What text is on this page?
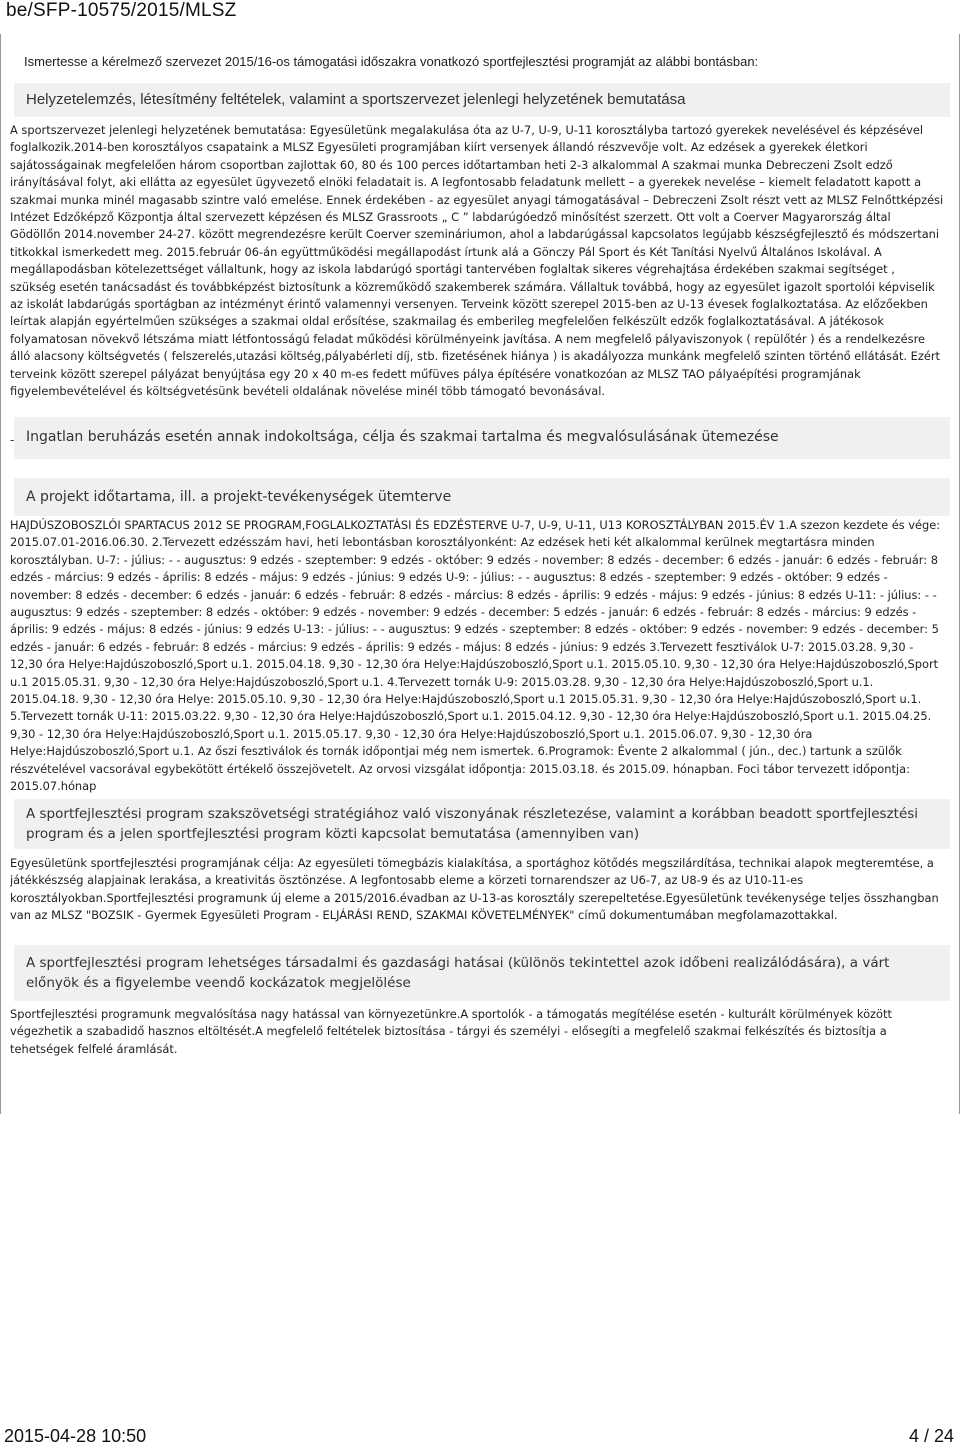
be/SFP-10575/2015/MLSZ
Ismertesse a kérelmező szervezet 2015/16-os támogatási időszakra vonatkozó sportfejlesztési programját az alábbi bontásban:
Helyzetelemzés, létesítmény feltételek, valamint a sportszervezet jelenlegi helyzetének bemutatása
A sportszervezet jelenlegi helyzetének bemutatása: Egyesületünk megalakulása óta az U-7, U-9, U-11 korosztályba tartozó gyerekek nevelésével és képzésével foglalkozik.2014-ben korosztályos csapataink a MLSZ Egyesületi programjában kiírt versenyek állandó részvevője volt. Az edzések a gyerekek életkori sajátosságainak megfelelően három csoportban zajlottak 60, 80 és 100 perces időtartamban heti 2-3 alkalommal A szakmai munka Debreczeni Zsolt edző irányításával folyt, aki ellátta az egyesület ügyvezető elnöki feladatait is. A legfontosabb feladatunk mellett – a gyerekek nevelése – kiemelt feladatott kapott a szakmai munka minél magasabb szintre való emelése. Ennek érdekében - az egyesület anyagi támogatásával – Debreczeni Zsolt részt vett az MLSZ Felnőttképzési Intézet Edzőképző Központja által szervezett képzésen és MLSZ Grassroots „ C ” labdarúgóedző minősítést szerzett. Ott volt a Coerver Magyarország által Gödöllőn 2014.november 24-27. között megrendezésre került Coerver szemináriumon, ahol a labdarúgással kapcsolatos legújabb készségfejlesztő és módszertani titkokkal ismerkedett meg. 2015.február 06-án együttműködési megállapodást írtunk alá a Gönczy Pál Sport és Két Tanítási Nyelvű Általános Iskolával. A megállapodásban kötelezettséget vállaltunk, hogy az iskola labdarúgó sportági tantervében foglaltak sikeres végrehajtása érdekében szakmai segítséget , szükség esetén tanácsadást és továbbképzést biztosítunk a közreműködő szakemberek számára. Vállaltuk továbbá, hogy az egyesület igazolt sportolói képviselik az iskolát labdarúgás sportágban az intézményt érintő valamennyi versenyen. Terveink között szerepel 2015-ben az U-13 évesek foglalkoztatása. Az előzőekben leírtak alapján egyértelműen szükséges a szakmai oldal erősítése, szakmailag és emberileg megfelelően felkészült edzők foglalkoztatásával. A játékosok folyamatosan növekvő létszáma miatt létfontosságú feladat működési körülményeink javítása. A nem megfelelő pályaviszonyok ( repülőtér ) és a rendelkezésre álló alacsony költségvetés ( felszerelés,utazási költség,pályabérleti díj, stb. fizetésének hiánya ) is akadályozza munkánk megfelelő szinten történő ellátását. Ezért terveink között szerepel pályázat benyújtása egy 20 x 40 m-es fedett műfüves pálya építésére vonatkozóan az MLSZ TAO pályaépítési programjának figyelembevételével és költségvetésünk bevételi oldalának növelése minél több támogató bevonásával.
Ingatlan beruházás esetén annak indokoltsága, célja és szakmai tartalma és megvalósulásának ütemezése
-
A projekt időtartama, ill. a projekt-tevékenységek ütemterve
HAJDÚSZOBOSZLÓI SPARTACUS 2012 SE PROGRAM,FOGLALKOZTATÁSI ÉS EDZÉSTERVE U-7, U-9, U-11, U13 KOROSZTÁLYBAN 2015.ÉV 1.A szezon kezdete és vége: 2015.07.01-2016.06.30. 2.Tervezett edzésszám havi, heti lebontásban korosztályonként: Az edzések heti két alkalommal kerülnek megtartásra minden korosztályban. U-7: - július: - - augusztus: 9 edzés - szeptember: 9 edzés - október: 9 edzés - november: 8 edzés - december: 6 edzés - január: 6 edzés - február: 8 edzés - március: 9 edzés - április: 8 edzés - május: 9 edzés - június: 9 edzés U-9: - július: - - augusztus: 8 edzés - szeptember: 9 edzés - október: 9 edzés - november: 8 edzés - december: 6 edzés - január: 6 edzés - február: 8 edzés - március: 8 edzés - április: 9 edzés - május: 9 edzés - június: 8 edzés U-11: - július: - - augusztus: 9 edzés - szeptember: 8 edzés - október: 9 edzés - november: 9 edzés - december: 5 edzés - január: 6 edzés - február: 8 edzés - március: 9 edzés - április: 9 edzés - május: 8 edzés - június: 9 edzés U-13: - július: - - augusztus: 9 edzés - szeptember: 8 edzés - október: 9 edzés - november: 9 edzés - december: 5 edzés - január: 6 edzés - február: 8 edzés - március: 9 edzés - április: 9 edzés - május: 8 edzés - június: 9 edzés 3.Tervezett fesztiválok U-7: 2015.03.28. 9,30 - 12,30 óra Helye:Hajdúszoboszló,Sport u.1. 2015.04.18. 9,30 - 12,30 óra Helye:Hajdúszoboszló,Sport u.1. 2015.05.10. 9,30 - 12,30 óra Helye:Hajdúszoboszló,Sport u.1 2015.05.31. 9,30 - 12,30 óra Helye:Hajdúszoboszló,Sport u.1. 4.Tervezett tornák U-9: 2015.03.28. 9,30 - 12,30 óra Helye:Hajdúszoboszló,Sport u.1. 2015.04.18. 9,30 - 12,30 óra Helye: 2015.05.10. 9,30 - 12,30 óra Helye:Hajdúszoboszló,Sport u.1 2015.05.31. 9,30 - 12,30 óra Helye:Hajdúszoboszló,Sport u.1. 5.Tervezett tornák U-11: 2015.03.22. 9,30 - 12,30 óra Helye:Hajdúszoboszló,Sport u.1. 2015.04.12. 9,30 - 12,30 óra Helye:Hajdúszoboszló,Sport u.1. 2015.04.25. 9,30 - 12,30 óra Helye:Hajdúszoboszló,Sport u.1. 2015.05.17. 9,30 - 12,30 óra Helye:Hajdúszoboszló,Sport u.1. 2015.06.07. 9,30 - 12,30 óra Helye:Hajdúszoboszló,Sport u.1. Az őszi fesztiválok és tornák időpontjai még nem ismertek. 6.Programok: Évente 2 alkalommal ( jún., dec.) tartunk a szülők részvételével vacsorával egybekötött értékelő összejövetelt. Az orvosi vizsgálat időpontja: 2015.03.18. és 2015.09. hónapban. Foci tábor tervezett időpontja: 2015.07.hónap
A sportfejlesztési program szakszövetségi stratégiához való viszonyának részletezése, valamint a korábban beadott sportfejlesztési program és a jelen sportfejlesztési program közti kapcsolat bemutatása (amennyiben van)
Egyesületünk sportfejlesztési programjának célja: Az egyesületi tömegbázis kialakítása, a sportághoz kötődés megszilárdítása, technikai alapok megteremtése, a játékkészség alapjainak lerakása, a kreativitás ösztönzése. A legfontosabb eleme a körzeti tornarendszer az U6-7, az U8-9 és az U10-11-es korosztályokban.Sportfejlesztési programunk új eleme a 2015/2016.évadban az U-13-as korosztály szerepeltetése.Egyesületünk tevékenysége teljes összhangban van az MLSZ "BOZSIK - Gyermek Egyesületi Program - ELJÁRÁSI REND, SZAKMAI KÖVETELMÉNYEK" című dokumentumában megfolamazottakkal.
A sportfejlesztési program lehetséges társadalmi és gazdasági hatásai (különös tekintettel azok időbeni realizálódására), a várt előnyök és a figyelembe veendő kockázatok megjelölése
Sportfejlesztési programunk megvalósítása nagy hatással van környezetünkre.A sportolók - a támogatás megítélése esetén - kulturált körülmények között végezhetik a szabadidő hasznos eltöltését.A megfelelő feltételek biztosítása - tárgyi és személyi - elősegíti a megfelelő szakmai felkészítés és biztosítja a tehetségek felfelé áramlását.
2015-04-28 10:50	4 / 24
